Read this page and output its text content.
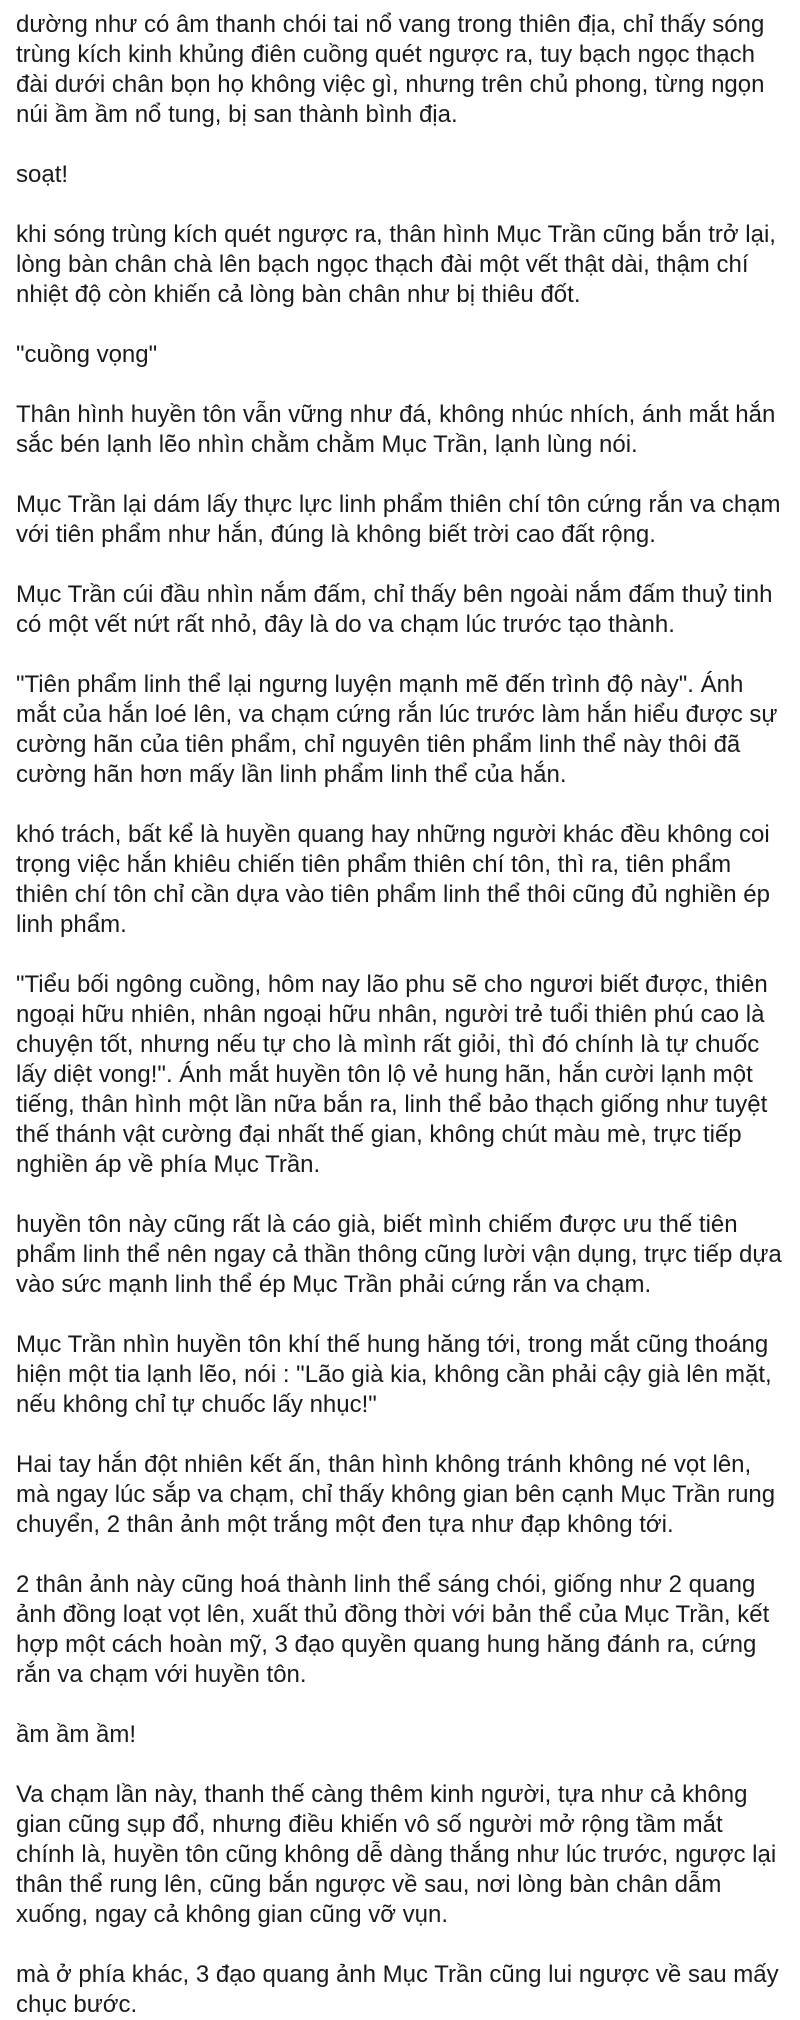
dường như có âm thanh chói tai nổ vang trong thiên địa, chỉ thấy sóng trùng kích kinh khủng điên cuồng quét ngược ra, tuy bạch ngọc thạch đài dưới chân bọn họ không việc gì, nhưng trên chủ phong, từng ngọn núi ầm ầm nổ tung, bị san thành bình địa.

soạt!

khi sóng trùng kích quét ngược ra, thân hình Mục Trần cũng bắn trở lại, lòng bàn chân chà lên bạch ngọc thạch đài một vết thật dài, thậm chí nhiệt độ còn khiến cả lòng bàn chân như bị thiêu đốt.

"cuồng vọng"

Thân hình huyền tôn vẫn vững như đá, không nhúc nhích, ánh mắt hắn sắc bén lạnh lẽo nhìn chằm chằm Mục Trần, lạnh lùng nói.

Mục Trần lại dám lấy thực lực linh phẩm thiên chí tôn cứng rắn va chạm với tiên phẩm như hắn, đúng là không biết trời cao đất rộng.

Mục Trần cúi đầu nhìn nắm đấm, chỉ thấy bên ngoài nắm đấm thuỷ tinh có một vết nứt rất nhỏ, đây là do va chạm lúc trước tạo thành.

"Tiên phẩm linh thể lại ngưng luyện mạnh mẽ đến trình độ này". Ánh mắt của hắn loé lên, va chạm cứng rắn lúc trước làm hắn hiểu được sự cường hãn của tiên phẩm, chỉ nguyên tiên phẩm linh thể này thôi đã cường hãn hơn mấy lần linh phẩm linh thể của hắn.

khó trách, bất kể là huyền quang hay những người khác đều không coi trọng việc hắn khiêu chiến tiên phẩm thiên chí tôn, thì ra, tiên phẩm thiên chí tôn chỉ cần dựa vào tiên phẩm linh thể thôi cũng đủ nghiền ép linh phẩm.

"Tiểu bối ngông cuồng, hôm nay lão phu sẽ cho ngươi biết được, thiên ngoại hữu nhiên, nhân ngoại hữu nhân, người trẻ tuổi thiên phú cao là chuyện tốt, nhưng nếu tự cho là mình rất giỏi, thì đó chính là tự chuốc lấy diệt vong!". Ánh mắt huyền tôn lộ vẻ hung hãn, hắn cười lạnh một tiếng, thân hình một lần nữa bắn ra, linh thể bảo thạch giống như tuyệt thế thánh vật cường đại nhất thế gian, không chút màu mè, trực tiếp nghiền áp về phía Mục Trần.

huyền tôn này cũng rất là cáo già, biết mình chiếm được ưu thế tiên phẩm linh thể nên ngay cả thần thông cũng lười vận dụng, trực tiếp dựa vào sức mạnh linh thể ép Mục Trần phải cứng rắn va chạm.

Mục Trần nhìn huyền tôn khí thế hung hăng tới, trong mắt cũng thoáng hiện một tia lạnh lẽo, nói : "Lão già kia, không cần phải cậy già lên mặt, nếu không chỉ tự chuốc lấy nhục!"

Hai tay hắn đột nhiên kết ấn, thân hình không tránh không né vọt lên, mà ngay lúc sắp va chạm, chỉ thấy không gian bên cạnh Mục Trần rung chuyển, 2 thân ảnh một trắng một đen tựa như đạp không tới.

2 thân ảnh này cũng hoá thành linh thể sáng chói, giống như 2 quang ảnh đồng loạt vọt lên, xuất thủ đồng thời với bản thể của Mục Trần, kết hợp một cách hoàn mỹ, 3 đạo quyền quang hung hăng đánh ra, cứng rắn va chạm với huyền tôn.

ầm ầm ầm!

Va chạm lần này, thanh thế càng thêm kinh người, tựa như cả không gian cũng sụp đổ, nhưng điều khiến vô số người mở rộng tầm mắt chính là, huyền tôn cũng không dễ dàng thắng như lúc trước, ngược lại thân thể rung lên, cũng bắn ngược về sau, nơi lòng bàn chân dẫm xuống, ngay cả không gian cũng vỡ vụn.

mà ở phía khác, 3 đạo quang ảnh Mục Trần cũng lui ngược về sau mấy chục bước.
